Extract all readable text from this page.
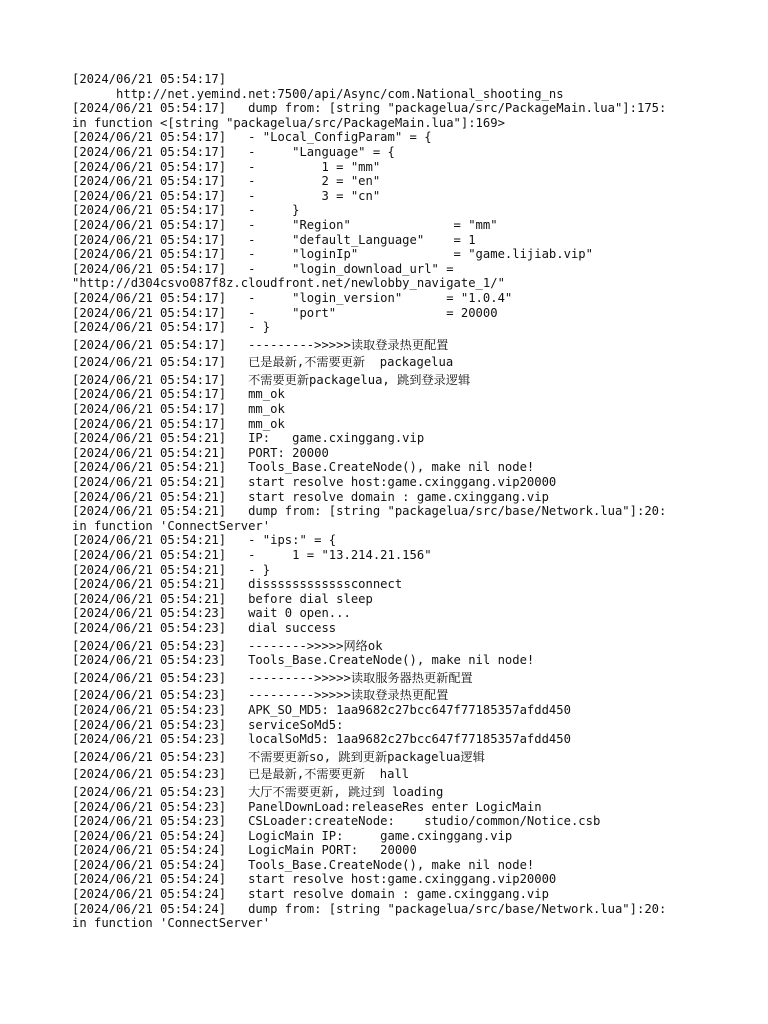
[2024/06/21 05:54:17]
http://net.yemind.net:7500/api/Async/com.National_shooting_ns
[2024/06/21 05:54:17]   dump from: [string "packagelua/src/PackageMain.lua"]:175:
in function <[string "packagelua/src/PackageMain.lua"]:169>
[2024/06/21 05:54:17]   - "Local_ConfigParam" = {
[2024/06/21 05:54:17]   -     "Language" = {
[2024/06/21 05:54:17]   -         1 = "mm"
[2024/06/21 05:54:17]   -         2 = "en"
[2024/06/21 05:54:17]   -         3 = "cn"
[2024/06/21 05:54:17]   -     }
[2024/06/21 05:54:17]   -     "Region"              = "mm"
[2024/06/21 05:54:17]   -     "default_Language"    = 1
[2024/06/21 05:54:17]   -     "loginIp"             = "game.lijiab.vip"
[2024/06/21 05:54:17]   -     "login_download_url" =
"http://d304csvo087f8z.cloudfront.net/newlobby_navigate_1/"
[2024/06/21 05:54:17]   -     "login_version"      = "1.0.4"
[2024/06/21 05:54:17]   -     "port"               = 20000
[2024/06/21 05:54:17]   - }
[2024/06/21 05:54:17]   --------->>>>>读取登录热更配置
[2024/06/21 05:54:17]   已是最新,不需要更新  packagelua
[2024/06/21 05:54:17]   不需要更新packagelua, 跳到登录逻辑
[2024/06/21 05:54:17]   mm_ok
[2024/06/21 05:54:17]   mm_ok
[2024/06/21 05:54:17]   mm_ok
[2024/06/21 05:54:21]   IP:   game.cxinggang.vip
[2024/06/21 05:54:21]   PORT: 20000
[2024/06/21 05:54:21]   Tools_Base.CreateNode(), make nil node!
[2024/06/21 05:54:21]   start resolve host:game.cxinggang.vip20000
[2024/06/21 05:54:21]   start resolve domain : game.cxinggang.vip
[2024/06/21 05:54:21]   dump from: [string "packagelua/src/base/Network.lua"]:20:
in function 'ConnectServer'
[2024/06/21 05:54:21]   - "ips:" = {
[2024/06/21 05:54:21]   -     1 = "13.214.21.156"
[2024/06/21 05:54:21]   - }
[2024/06/21 05:54:21]   dissssssssssssconnect
[2024/06/21 05:54:21]   before dial sleep
[2024/06/21 05:54:23]   wait 0 open...
[2024/06/21 05:54:23]   dial success
[2024/06/21 05:54:23]   -------->>>>>网络ok
[2024/06/21 05:54:23]   Tools_Base.CreateNode(), make nil node!
[2024/06/21 05:54:23]   --------->>>>>读取服务器热更新配置
[2024/06/21 05:54:23]   --------->>>>>读取登录热更配置
[2024/06/21 05:54:23]   APK_SO_MD5: 1aa9682c27bcc647f77185357afdd450
[2024/06/21 05:54:23]   serviceSoMd5:
[2024/06/21 05:54:23]   localSoMd5: 1aa9682c27bcc647f77185357afdd450
[2024/06/21 05:54:23]   不需要更新so, 跳到更新packagelua逻辑
[2024/06/21 05:54:23]   已是最新,不需要更新  hall
[2024/06/21 05:54:23]   大厅不需要更新, 跳过到 loading
[2024/06/21 05:54:23]   PanelDownLoad:releaseRes enter LogicMain
[2024/06/21 05:54:23]   CSLoader:createNode:    studio/common/Notice.csb
[2024/06/21 05:54:24]   LogicMain IP:     game.cxinggang.vip
[2024/06/21 05:54:24]   LogicMain PORT:   20000
[2024/06/21 05:54:24]   Tools_Base.CreateNode(), make nil node!
[2024/06/21 05:54:24]   start resolve host:game.cxinggang.vip20000
[2024/06/21 05:54:24]   start resolve domain : game.cxinggang.vip
[2024/06/21 05:54:24]   dump from: [string "packagelua/src/base/Network.lua"]:20:
in function 'ConnectServer'
